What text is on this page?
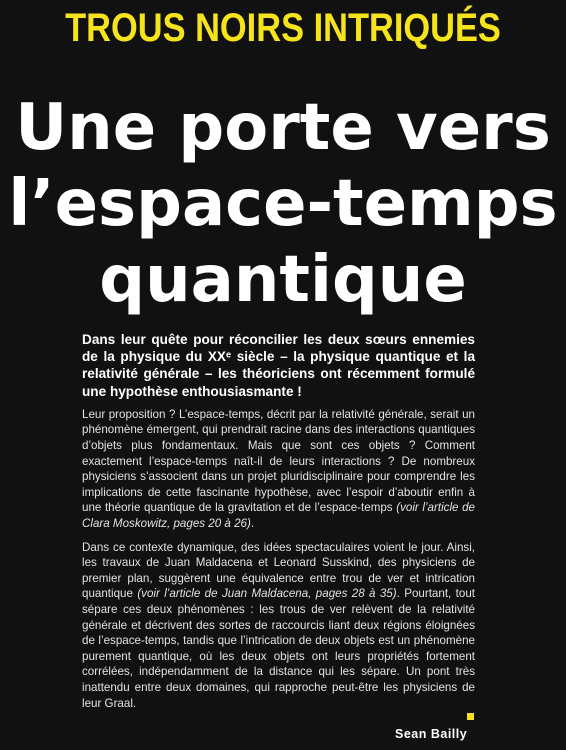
TROUS NOIRS INTRIQUÉS
Une porte vers
l’espace-temps
quantique

Dans leur quête pour réconcilier les deux sœurs ennemies de la physique du XXᵉ siècle – la physique quantique et la relativité générale – les théoriciens ont récemment formulé une hypothèse enthousiasmante !

Leur proposition ? L’espace-temps, décrit par la relativité générale, serait un phénomène émergent, qui prendrait racine dans des interactions quantiques d’objets plus fondamentaux. Mais que sont ces objets ? Comment exactement l’espace-temps naît-il de leurs interactions ? De nombreux physiciens s’associent dans un projet pluridisciplinaire pour comprendre les implications de cette fascinante hypothèse, avec l’espoir d’aboutir enfin à une théorie quantique de la gravitation et de l’espace-temps (voir l’article de Clara Moskowitz, pages 20 à 26).

Dans ce contexte dynamique, des idées spectaculaires voient le jour. Ainsi, les travaux de Juan Maldacena et Leonard Susskind, des physiciens de premier plan, suggèrent une équivalence entre trou de ver et intrication quantique (voir l’article de Juan Maldacena, pages 28 à 35). Pourtant, tout sépare ces deux phénomènes : les trous de ver relèvent de la relativité générale et décrivent des sortes de raccourcis liant deux régions éloignées de l’espace-temps, tandis que l’intrication de deux objets est un phénomène purement quantique, où les deux objets ont leurs propriétés fortement corrélées, indépendamment de la distance qui les sépare. Un pont très inattendu entre deux domaines, qui rapproche peut-être les physiciens de leur Graal.

Sean Bailly
